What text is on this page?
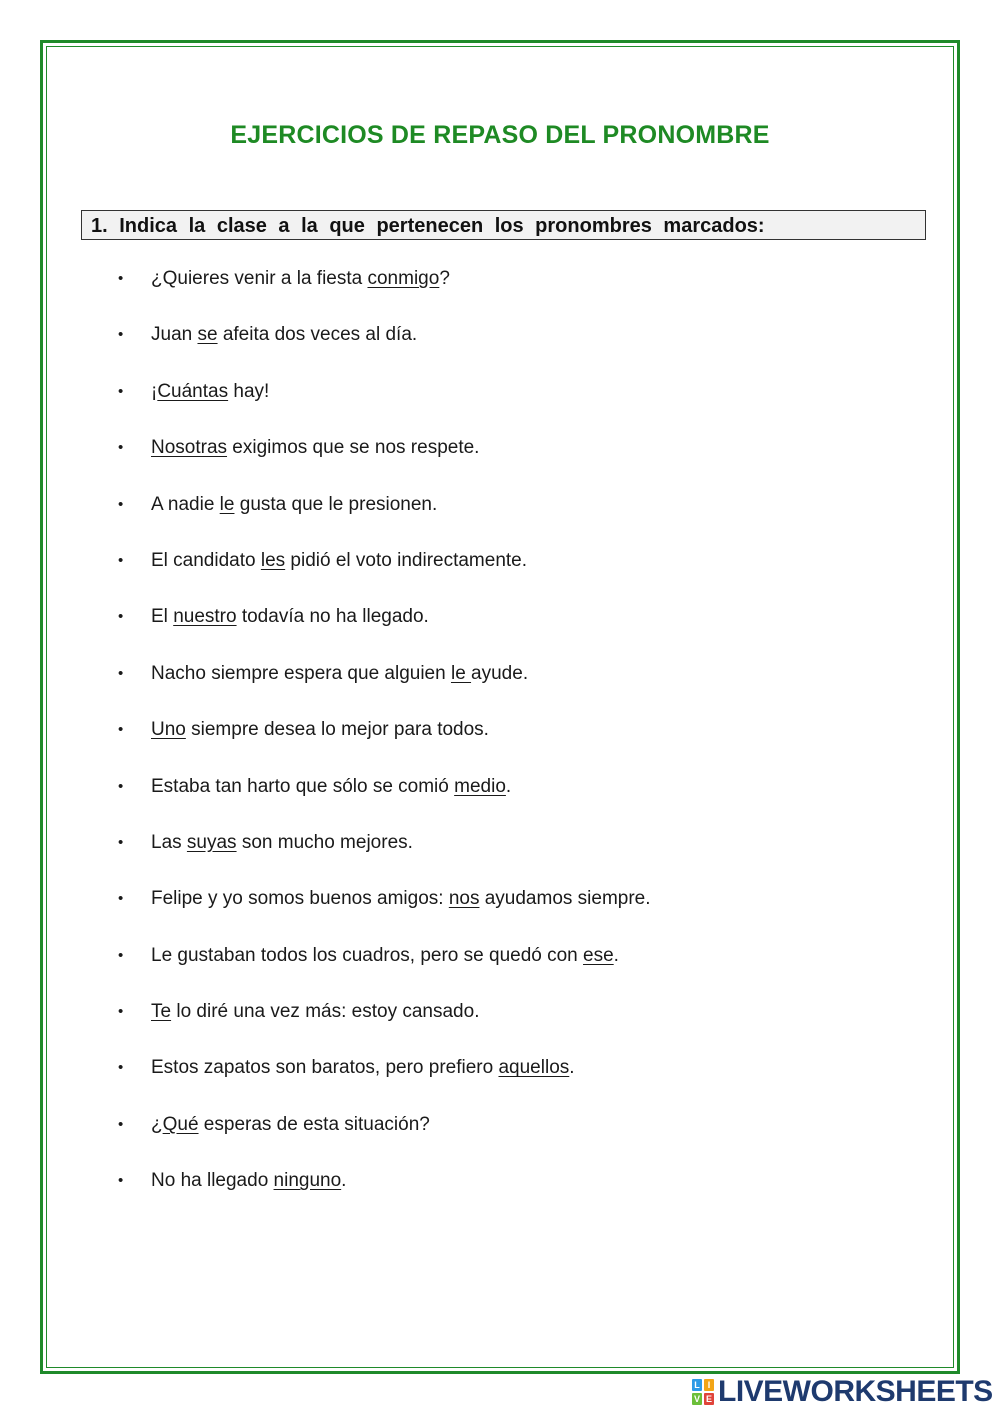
EJERCICIOS DE REPASO DEL PRONOMBRE
1. Indica la clase a la que pertenecen los pronombres marcados:
• ¿Quieres venir a la fiesta conmigo?
• Juan se afeita dos veces al día.
• ¡Cuántas hay!
• Nosotras exigimos que se nos respete.
• A nadie le gusta que le presionen.
• El candidato les pidió el voto indirectamente.
• El nuestro todavía no ha llegado.
• Nacho siempre espera que alguien le ayude.
• Uno siempre desea lo mejor para todos.
• Estaba tan harto que sólo se comió medio.
• Las suyas son mucho mejores.
• Felipe y yo somos buenos amigos: nos ayudamos siempre.
• Le gustaban todos los cuadros, pero se quedó con ese.
• Te lo diré una vez más: estoy cansado.
• Estos zapatos son baratos, pero prefiero aquellos.
• ¿Qué esperas de esta situación?
• No ha llegado ninguno.
L I
V E LIVEWORKSHEETS
